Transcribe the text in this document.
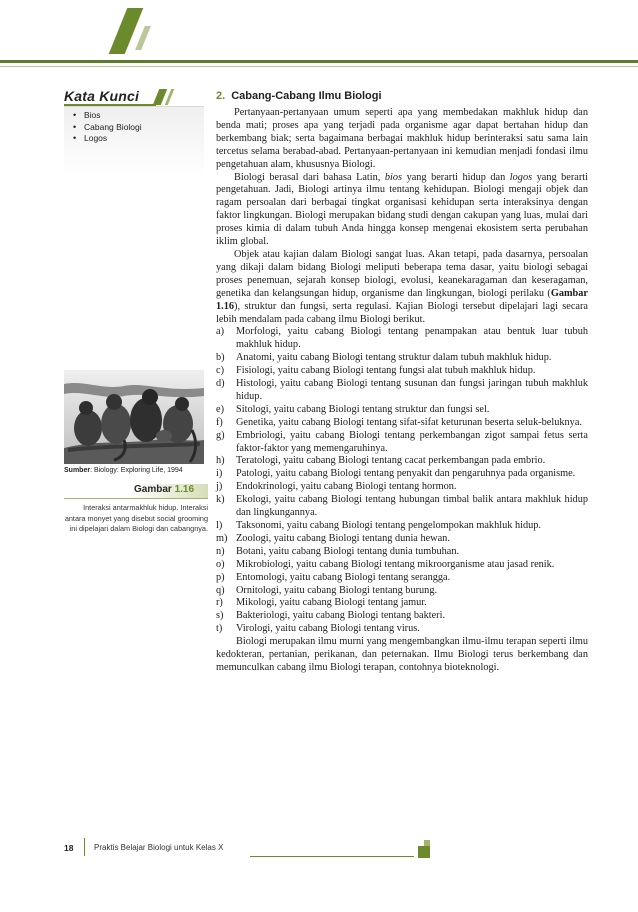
Kata Kunci
• Bios
• Cabang Biologi
• Logos
Sumber: Biology: Exploring Life, 1994
Gambar 1.16
Interaksi antarmakhluk hidup. Interaksi antara monyet yang disebut social grooming ini dipelajari dalam Biologi dan cabangnya.
2. Cabang-Cabang Ilmu Biologi

Pertanyaan-pertanyaan umum seperti apa yang membedakan makhluk hidup dan benda mati; proses apa yang terjadi pada organisme agar dapat bertahan hidup dan berkembang biak; serta bagaimana berbagai makhluk hidup berinteraksi satu sama lain tercetus selama berabad-abad. Pertanyaan-pertanyaan ini kemudian menjadi fondasi ilmu pengetahuan alam, khususnya Biologi.

Biologi berasal dari bahasa Latin, bios yang berarti hidup dan logos yang berarti pengetahuan. Jadi, Biologi artinya ilmu tentang kehidupan. Biologi mengaji objek dan ragam persoalan dari berbagai tingkat organisasi kehidupan serta interaksinya dengan faktor lingkungan. Biologi merupakan bidang studi dengan cakupan yang luas, mulai dari proses kimia di dalam tubuh Anda hingga konsep mengenai ekosistem serta perubahan iklim global.

Objek atau kajian dalam Biologi sangat luas. Akan tetapi, pada dasarnya, persoalan yang dikaji dalam bidang Biologi meliputi beberapa tema dasar, yaitu biologi sebagai proses penemuan, sejarah konsep biologi, evolusi, keanekaragaman dan keseragaman, genetika dan kelangsungan hidup, organisme dan lingkungan, biologi perilaku (Gambar 1.16), struktur dan fungsi, serta regulasi. Kajian Biologi tersebut dipelajari lagi secara lebih mendalam pada cabang ilmu Biologi berikut.

a) Morfologi, yaitu cabang Biologi tentang penampakan atau bentuk luar tubuh makhluk hidup.
b) Anatomi, yaitu cabang Biologi tentang struktur dalam tubuh makhluk hidup.
c) Fisiologi, yaitu cabang Biologi tentang fungsi alat tubuh makhluk hidup.
d) Histologi, yaitu cabang Biologi tentang susunan dan fungsi jaringan tubuh makhluk hidup.
e) Sitologi, yaitu cabang Biologi tentang struktur dan fungsi sel.
f) Genetika, yaitu cabang Biologi tentang sifat-sifat keturunan beserta seluk-beluknya.
g) Embriologi, yaitu cabang Biologi tentang perkembangan zigot sampai fetus serta faktor-faktor yang memengaruhinya.
h) Teratologi, yaitu cabang Biologi tentang cacat perkembangan pada embrio.
i) Patologi, yaitu cabang Biologi tentang penyakit dan pengaruhnya pada organisme.
j) Endokrinologi, yaitu cabang Biologi tentang hormon.
k) Ekologi, yaitu cabang Biologi tentang hubungan timbal balik antara makhluk hidup dan lingkungannya.
l) Taksonomi, yaitu cabang Biologi tentang pengelompokan makhluk hidup.
m) Zoologi, yaitu cabang Biologi tentang dunia hewan.
n) Botani, yaitu cabang Biologi tentang dunia tumbuhan.
o) Mikrobiologi, yaitu cabang Biologi tentang mikroorganisme atau jasad renik.
p) Entomologi, yaitu cabang Biologi tentang serangga.
q) Ornitologi, yaitu cabang Biologi tentang burung.
r) Mikologi, yaitu cabang Biologi tentang jamur.
s) Bakteriologi, yaitu cabang Biologi tentang bakteri.
t) Virologi, yaitu cabang Biologi tentang virus.

Biologi merupakan ilmu murni yang mengembangkan ilmu-ilmu terapan seperti ilmu kedokteran, pertanian, perikanan, dan peternakan. Ilmu Biologi terus berkembang dan memunculkan cabang ilmu Biologi terapan, contohnya bioteknologi.

18	Praktis Belajar Biologi untuk Kelas X
